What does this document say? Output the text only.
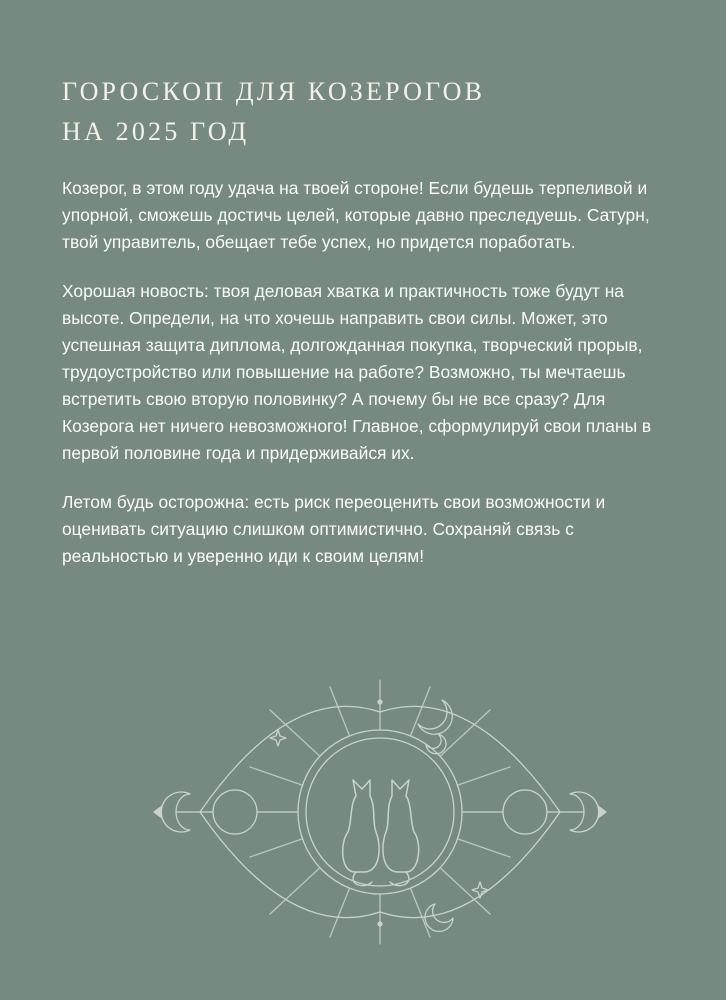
ГОРОСКОП ДЛЯ КОЗЕРОГОВ
НА 2025 ГОД

Козерог, в этом году удача на твоей стороне! Если будешь терпеливой и упорной, сможешь достичь целей, которые давно преследуешь. Сатурн, твой управитель, обещает тебе успех, но придется поработать.

Хорошая новость: твоя деловая хватка и практичность тоже будут на высоте. Определи, на что хочешь направить свои силы. Может, это успешная защита диплома, долгожданная покупка, творческий прорыв, трудоустройство или повышение на работе? Возможно, ты мечтаешь встретить свою вторую половинку? А почему бы не все сразу? Для Козерога нет ничего невозможного! Главное, сформулируй свои планы в первой половине года и придерживайся их.

Летом будь осторожна: есть риск переоценить свои возможности и оценивать ситуацию слишком оптимистично. Сохраняй связь с реальностью и уверенно иди к своим целям!
